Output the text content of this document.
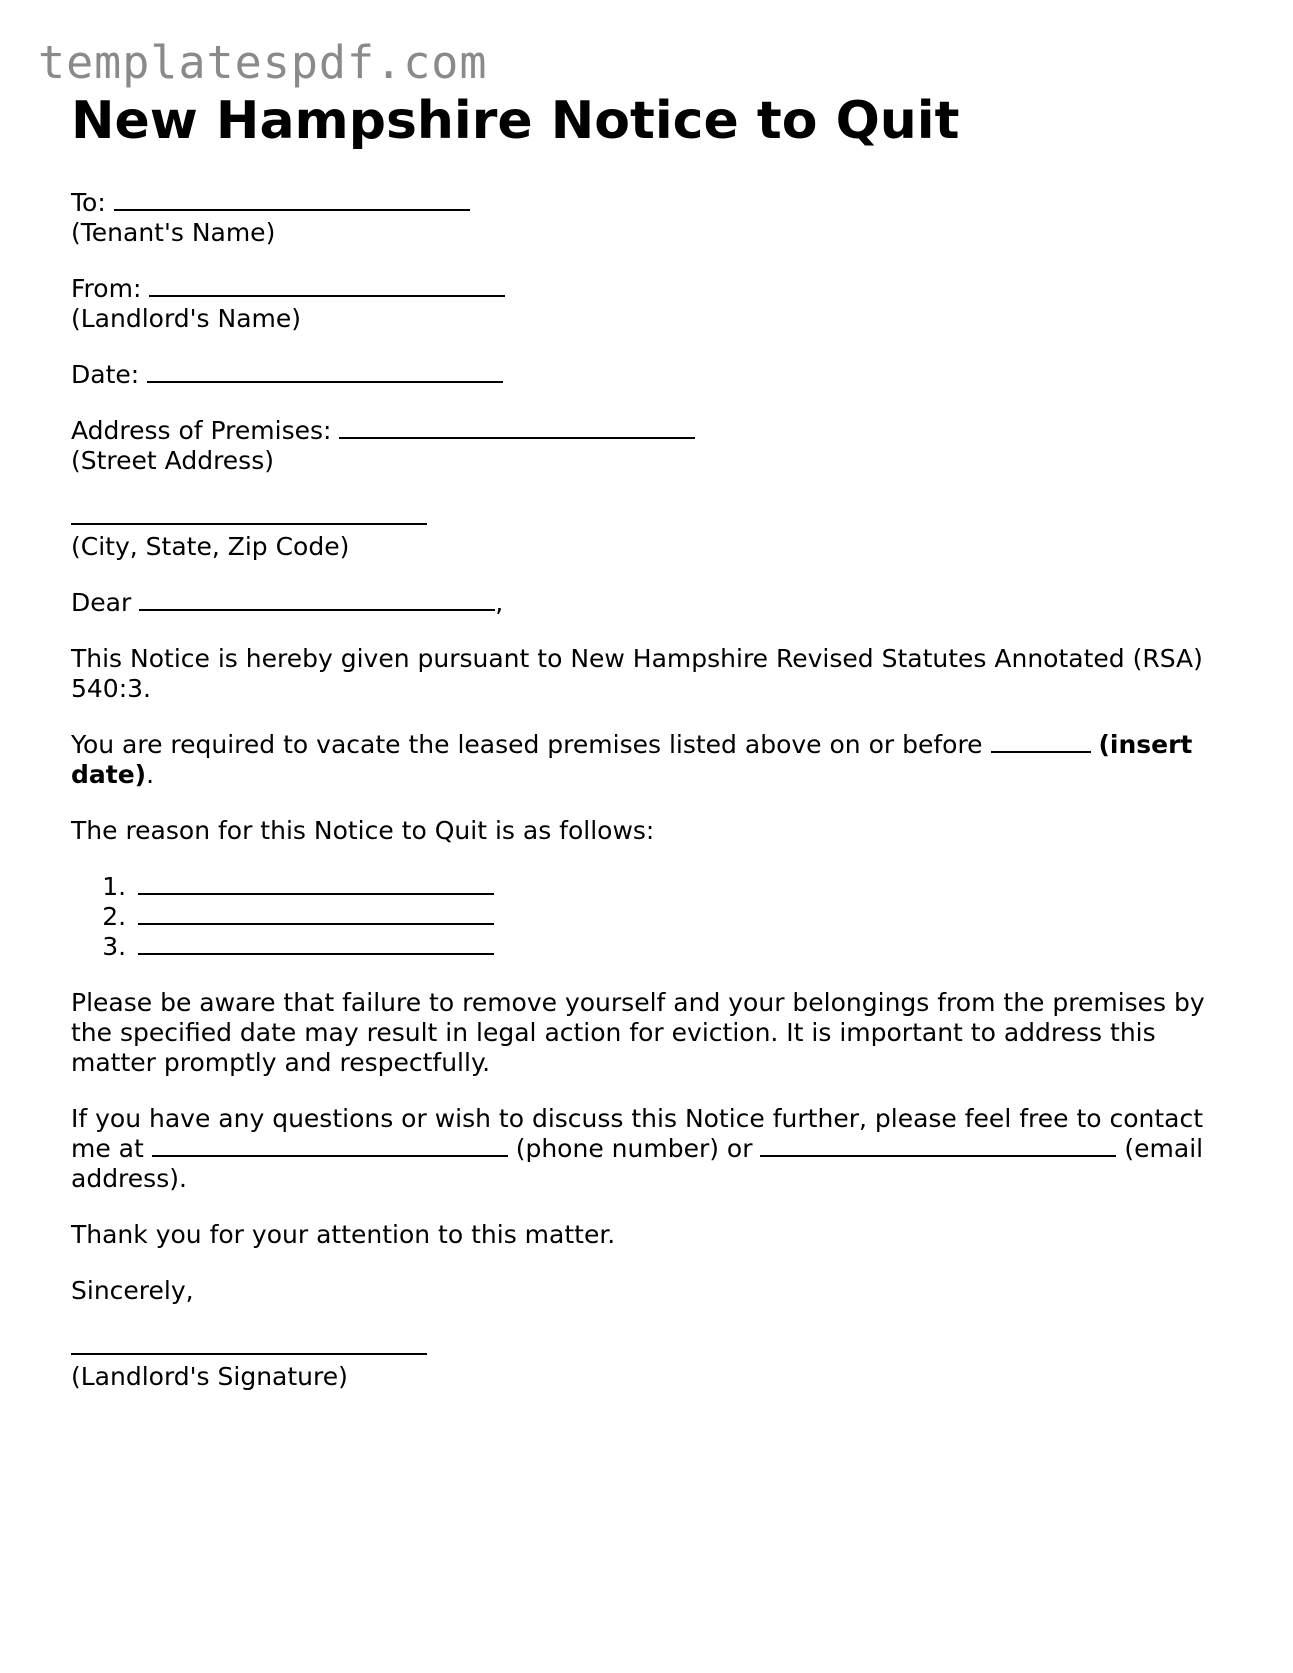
templatespdf.com
New Hampshire Notice to Quit

To:

(Tenant's Name)

From:

(Landlord's Name)

Date:

Address of Premises:

(Street Address)

(City, State, Zip Code)

Dear	,

This Notice is hereby given pursuant to New Hampshire Revised Statutes Annotated (RSA) 540:3.

You are required to vacate the leased premises listed above on or before	(insert date).

The reason for this Notice to Quit is as follows:

1.
2.
3.

Please be aware that failure to remove yourself and your belongings from the premises by the specified date may result in legal action for eviction. It is important to address this matter promptly and respectfully.

If you have any questions or wish to discuss this Notice further, please feel free to contact me at	(phone number) or	(email address).

Thank you for your attention to this matter.

Sincerely,

(Landlord's Signature)
